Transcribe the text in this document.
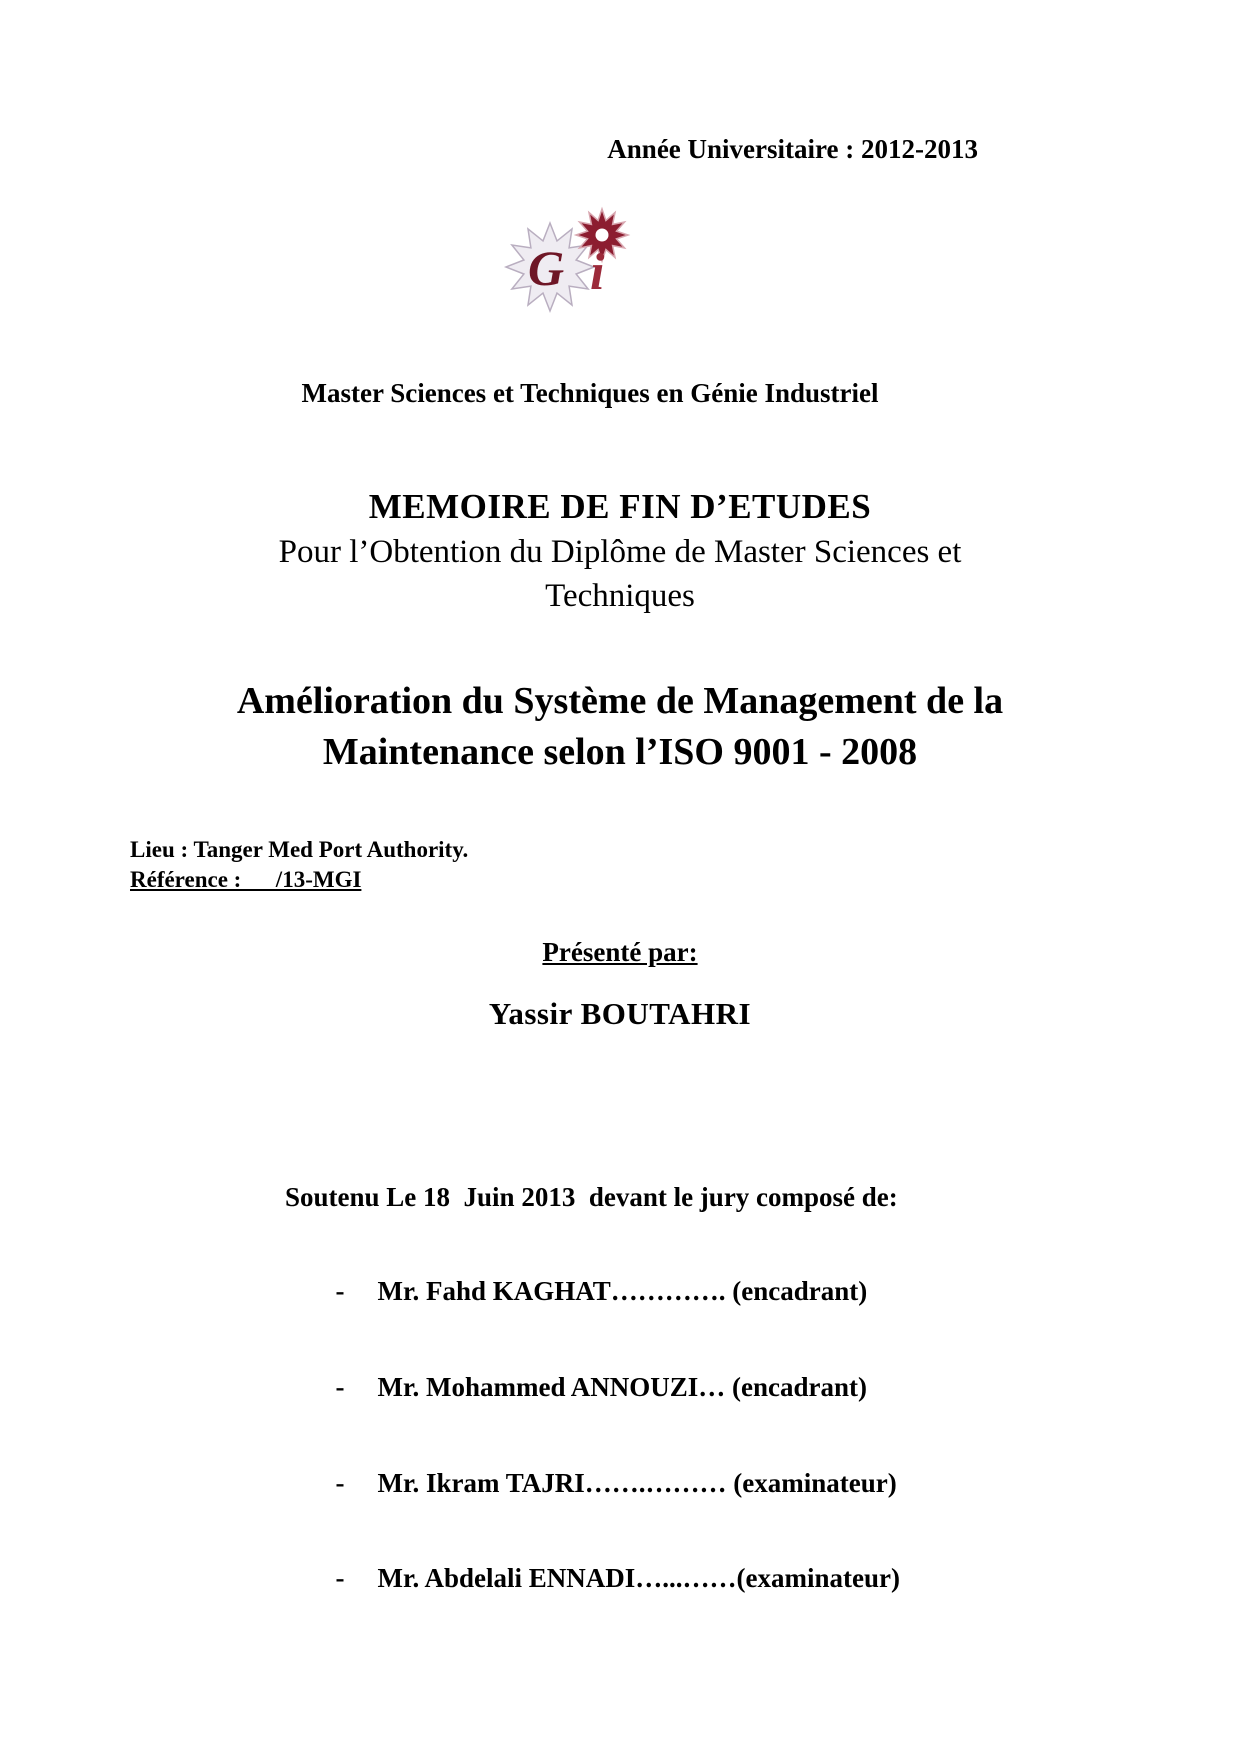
Année Universitaire : 2012-2013
G i
Master Sciences et Techniques en Génie Industriel
MEMOIRE DE FIN D’ETUDES
Pour l’Obtention du Diplôme de Master Sciences et Techniques
Amélioration du Système de Management de la Maintenance selon l’ISO 9001 - 2008
Lieu : Tanger Med Port Authority.
Référence :      /13-MGI
Présenté par:
Yassir BOUTAHRI
Soutenu Le 18  Juin 2013  devant le jury composé de:

- Mr. Fahd KAGHAT…………. (encadrant)

- Mr. Mohammed ANNOUZI… (encadrant)

- Mr. Ikram TAJRI…….……… (examinateur)

- Mr. Abdelali ENNADI…...……(examinateur)
